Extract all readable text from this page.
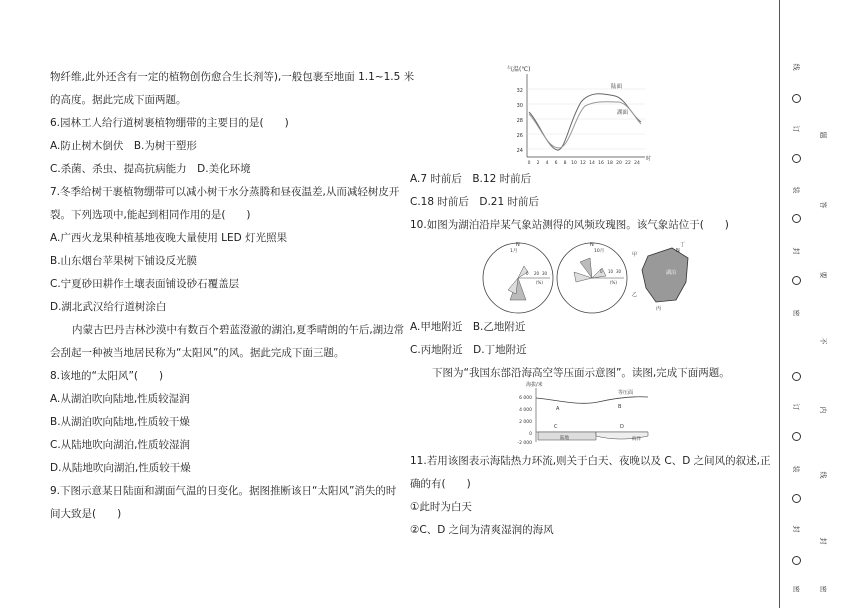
物纤维,此外还含有一定的植物创伤愈合生长剂等),一般包裹至地面 1.1~1.5 米
的高度。据此完成下面两题。
6.园林工人给行道树裹植物绷带的主要目的是(　　)
A.防止树木倒伏　B.为树干塑形
C.杀菌、杀虫、提高抗病能力　D.美化环境
7.冬季给树干裹植物绷带可以减小树干水分蒸腾和昼夜温差,从而减轻树皮开
裂。下列选项中,能起到相同作用的是(　　)
A.广西火龙果种植基地夜晚大量使用 LED 灯光照果
B.山东烟台苹果树下铺设反光膜
C.宁夏砂田耕作土壤表面铺设砂石覆盖层
D.湖北武汉给行道树涂白
内蒙古巴丹吉林沙漠中有数百个碧蓝澄澈的湖泊,夏季晴朗的午后,湖边常
会刮起一种被当地居民称为“太阳风”的风。据此完成下面三题。
8.该地的“太阳风”(　　)
A.从湖泊吹向陆地,性质较湿润
B.从湖泊吹向陆地,性质较干燥
C.从陆地吹向湖泊,性质较湿润
D.从陆地吹向湖泊,性质较干燥
9.下图示意某日陆面和湖面气温的日变化。据图推断该日“太阳风”消失的时
间大致是(　　)
气温(℃)
32
30
28
26
24
陆面
湖面
0 2 4 6 8 10 12 14 16 18 20 22 24
时
A.7 时前后　B.12 时前后
C.18 时前后　D.21 时前后
10.如图为湖泊沿岸某气象站测得的风频玫瑰图。该气象站位于(　　)
A.甲地附近　B.乙地附近
C.丙地附近　D.丁地附近
下图为“我国东部沿海高空等压面示意图”。读图,完成下面两题。
11.若用该图表示海陆热力环流,则关于白天、夜晚以及 C、D 之间风的叙述,正
确的有(　　)
①此时为白天
②C、D 之间为清爽湿润的海风
N
1月
0 20 30
(%)
N
10月
0 10 30
(%)
湖泊
甲
乙
丙
丁
N
海拔/米
6 000
4 000
2 000
0
-2 000
等压面
A	B
C	D
陆地	海洋
线
订
装
封
密
订
装
封
密
题
答
要
不
内
线
封
密
